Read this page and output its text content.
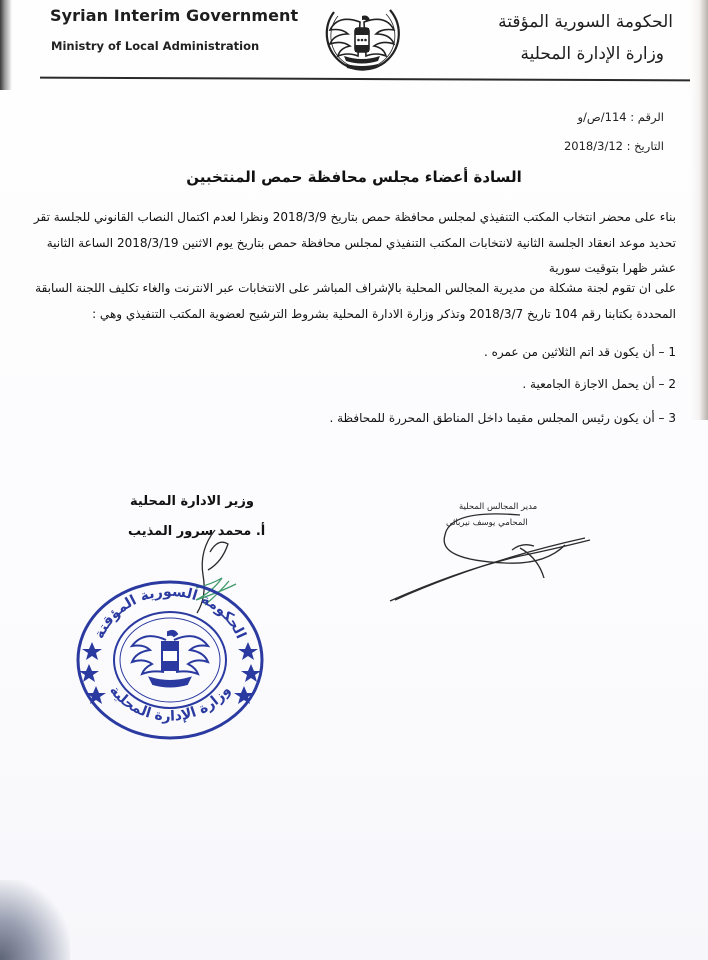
Syrian Interim Government
Ministry of Local Administration
الحكومة السورية المؤقتة
وزارة الإدارة المحلية
الرقم : 114/ص/و
التاريخ : 2018/3/12
السادة أعضاء مجلس محافظة حمص المنتخبين
بناء على محضر انتخاب المكتب التنفيذي لمجلس محافظة حمص بتاريخ 2018/3/9 ونظرا لعدم اكتمال النصاب القانوني للجلسة تقر
تحديد موعد انعقاد الجلسة الثانية لانتخابات المكتب التنفيذي لمجلس محافظة حمص بتاريخ يوم الاثنين 2018/3/19 الساعة الثانية
عشر ظهرا بتوقيت سورية
على ان تقوم لجنة مشكلة من مديرية المجالس المحلية بالإشراف المباشر على الانتخابات عبر الانترنت والغاء تكليف اللجنة السابقة
المحددة بكتابنا رقم 104 تاريخ 2018/3/7 وتذكر وزارة الادارة المحلية بشروط الترشيح لعضوية المكتب التنفيذي وهي :
1 – أن يكون قد اتم الثلاثين من عمره .
2 – أن يحمل الاجازة الجامعية .
3 – أن يكون رئيس المجلس مقيما داخل المناطق المحررة للمحافظة .
وزير الادارة المحلية
أ. محمد سرور المذيب
مدير المجالس المحلية
المحامي يوسف نيربائي
الحكومة السورية المؤقتة
وزارة الإدارة المحلية
